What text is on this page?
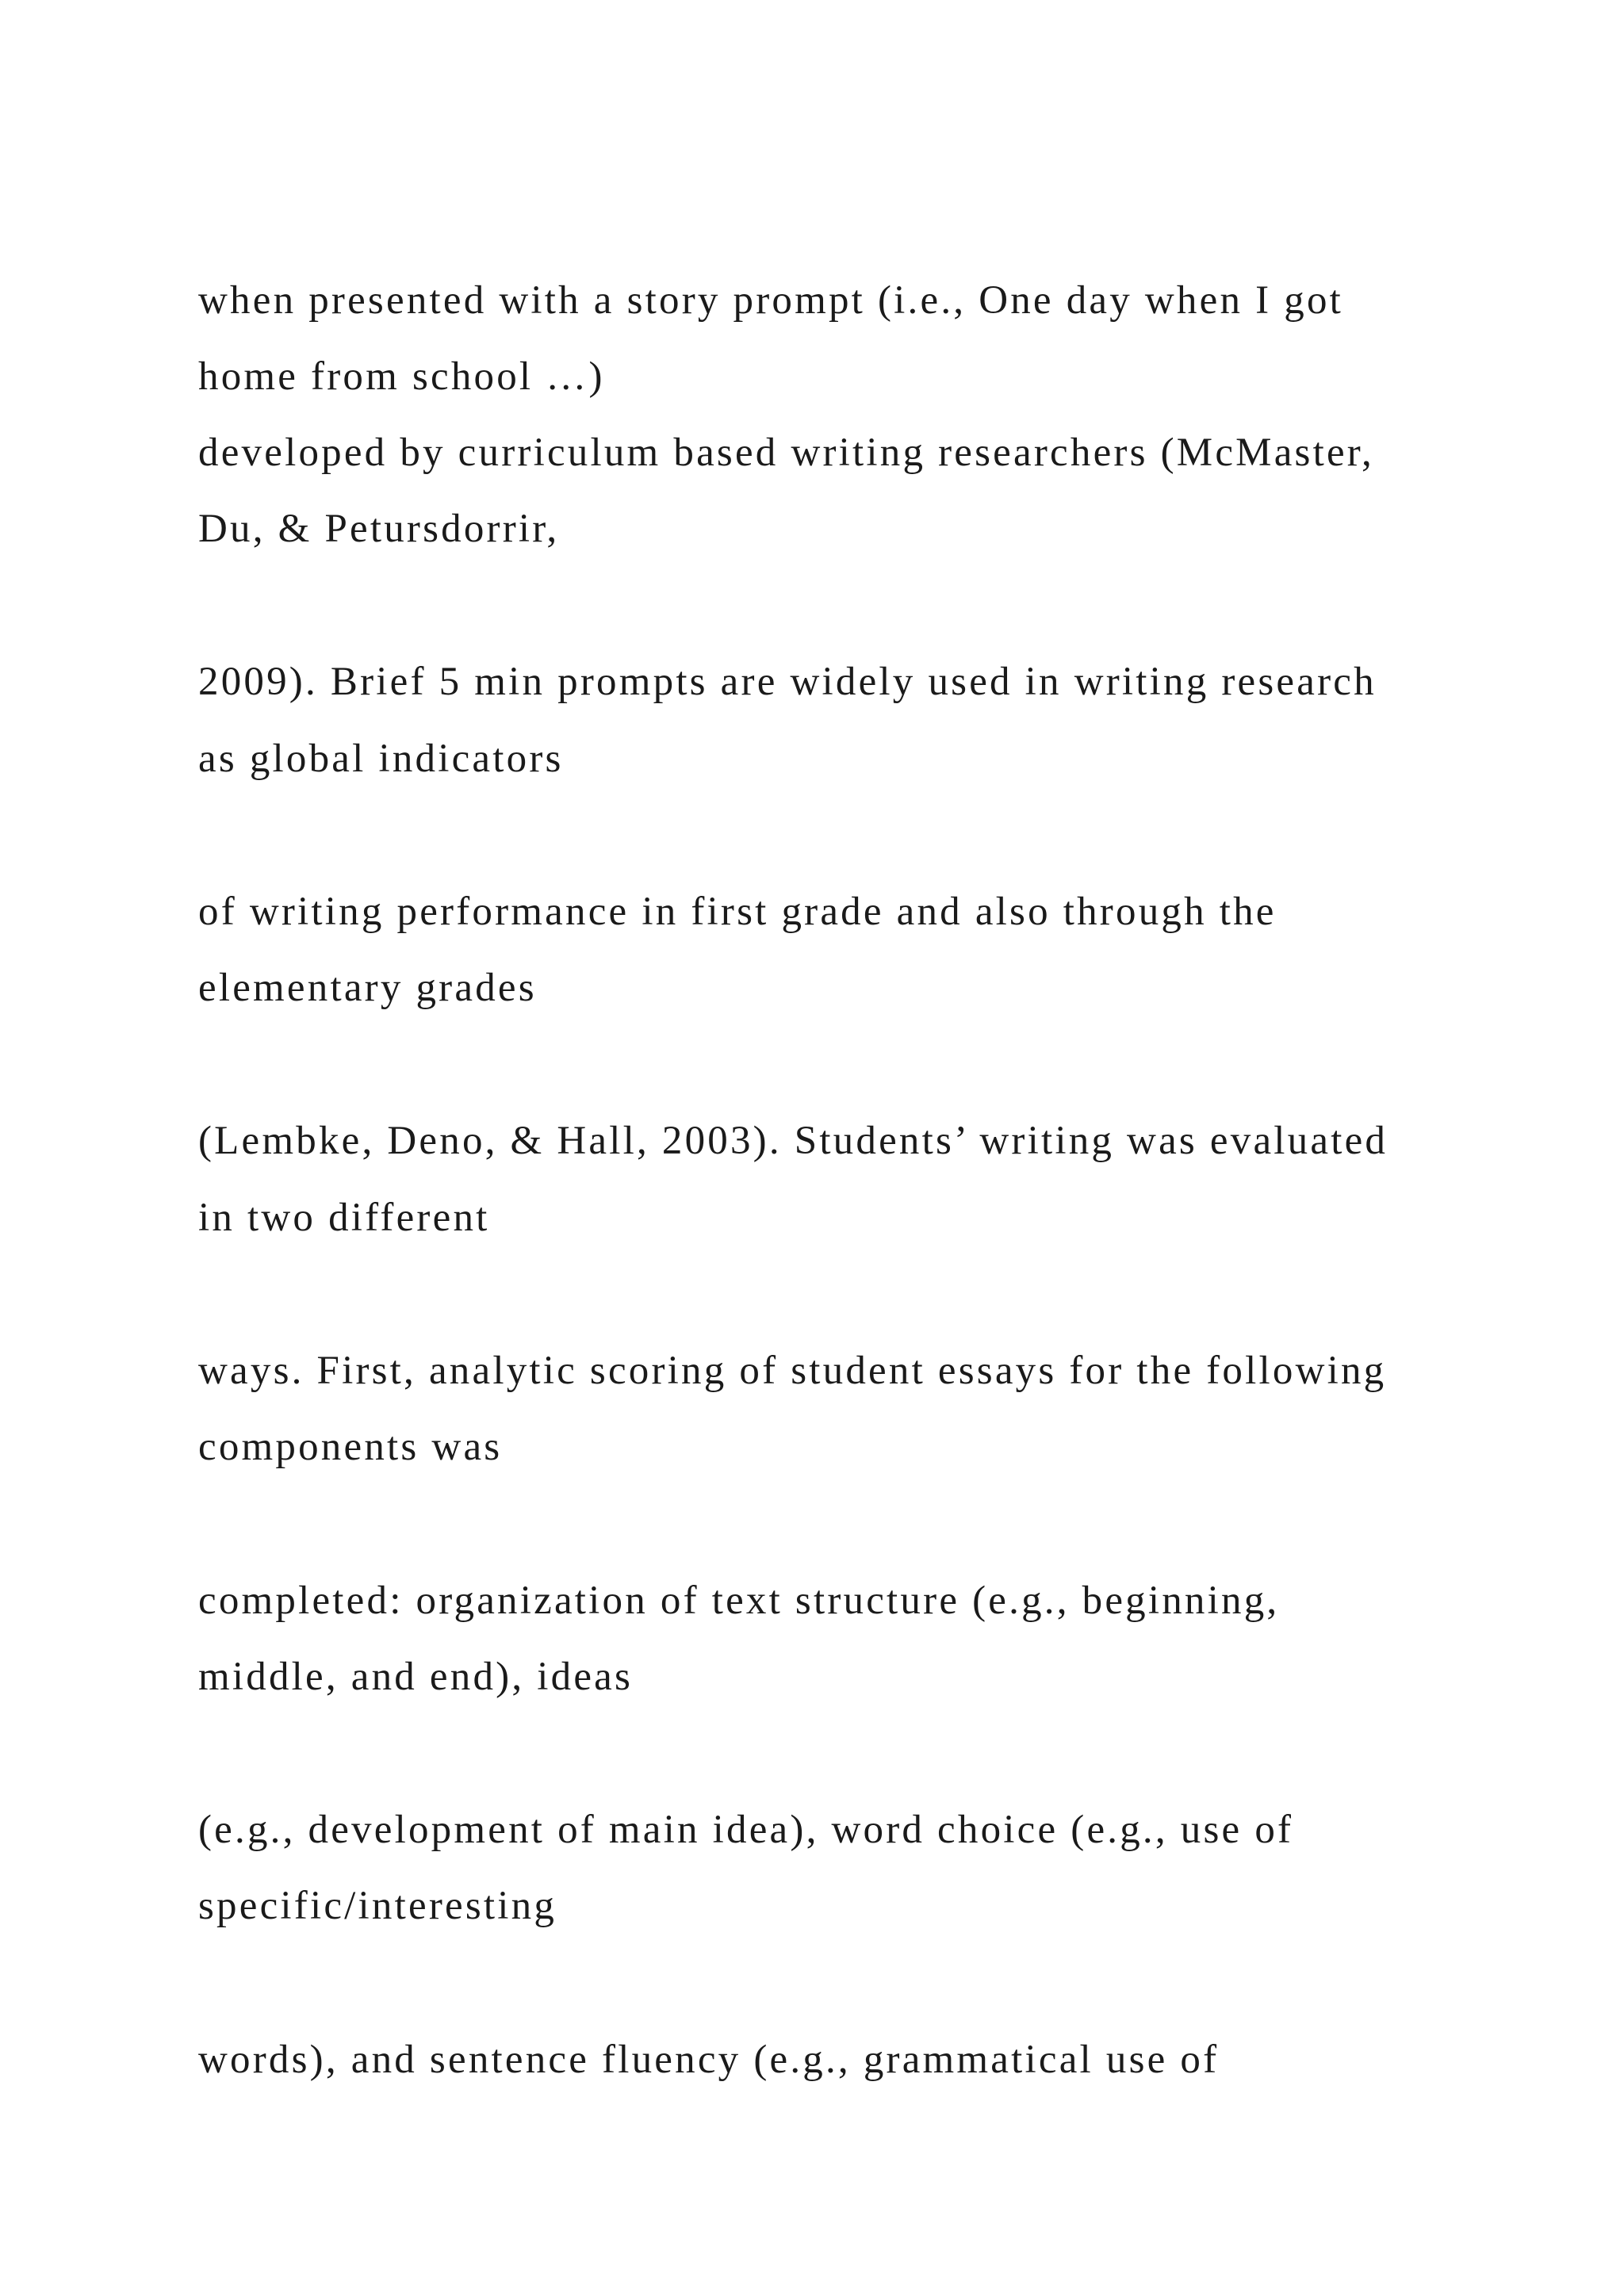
when presented with a story prompt (i.e., One day when I got
home from school …)
developed by curriculum based writing researchers (McMaster,
Du, & Petursdorrir,
2009). Brief 5 min prompts are widely used in writing research
as global indicators
of writing performance in first grade and also through the
elementary grades
(Lembke, Deno, & Hall, 2003). Students’ writing was evaluated
in two different
ways. First, analytic scoring of student essays for the following
components was
completed: organization of text structure (e.g., beginning,
middle, and end), ideas
(e.g., development of main idea), word choice (e.g., use of
specific/interesting
words), and sentence fluency (e.g., grammatical use of
